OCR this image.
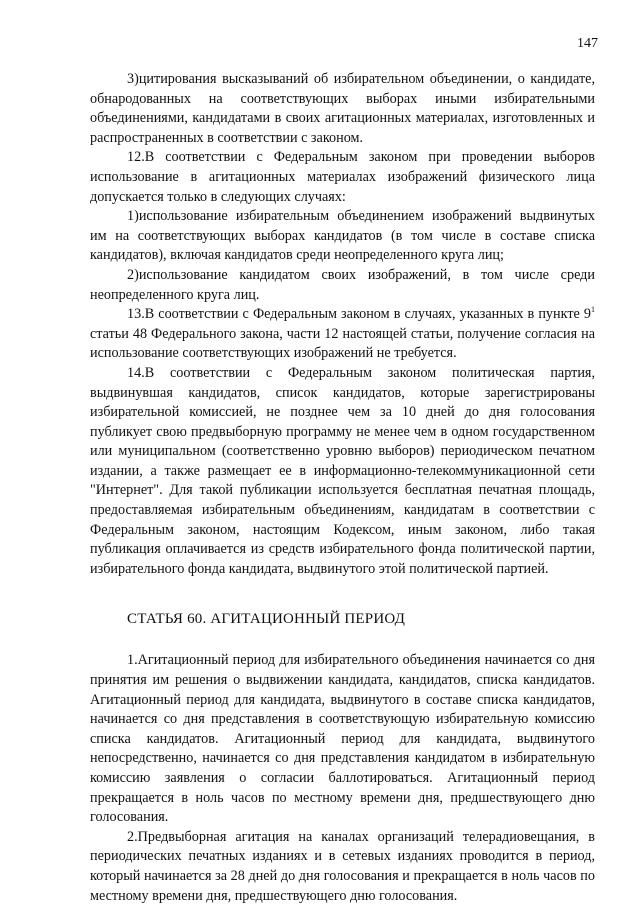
147

3)цитирования высказываний об избирательном объединении, о кандидате, обнародованных на соответствующих выборах иными избирательными объединениями, кандидатами в своих агитационных материалах, изготовленных и распространенных в соответствии с законом.

12.В соответствии с Федеральным законом при проведении выборов использование в агитационных материалах изображений физического лица допускается только в следующих случаях:

1)использование избирательным объединением изображений выдвинутых им на соответствующих выборах кандидатов (в том числе в составе списка кандидатов), включая кандидатов среди неопределенного круга лиц;

2)использование кандидатом своих изображений, в том числе среди неопределенного круга лиц.

13.В соответствии с Федеральным законом в случаях, указанных в пункте $9^1$ статьи 48 Федерального закона, части 12 настоящей статьи, получение согласия на использование соответствующих изображений не требуется.

14.В соответствии с Федеральным законом политическая партия, выдвинувшая кандидатов, список кандидатов, которые зарегистрированы избирательной комиссией, не позднее чем за 10 дней до дня голосования публикует свою предвыборную программу не менее чем в одном государственном или муниципальном (соответственно уровню выборов) периодическом печатном издании, а также размещает ее в информационно-телекоммуникационной сети "Интернет". Для такой публикации используется бесплатная печатная площадь, предоставляемая избирательным объединениям, кандидатам в соответствии с Федеральным законом, настоящим Кодексом, иным законом, либо такая публикация оплачивается из средств избирательного фонда политической партии, избирательного фонда кандидата, выдвинутого этой политической партией.

СТАТЬЯ 60. АГИТАЦИОННЫЙ ПЕРИОД

1.Агитационный период для избирательного объединения начинается со дня принятия им решения о выдвижении кандидата, кандидатов, списка кандидатов. Агитационный период для кандидата, выдвинутого в составе списка кандидатов, начинается со дня представления в соответствующую избирательную комиссию списка кандидатов. Агитационный период для кандидата, выдвинутого непосредственно, начинается со дня представления кандидатом в избирательную комиссию заявления о согласии баллотироваться. Агитационный период прекращается в ноль часов по местному времени дня, предшествующего дню голосования.

2.Предвыборная агитация на каналах организаций телерадиовещания, в периодических печатных изданиях и в сетевых изданиях проводится в период, который начинается за 28 дней до дня голосования и прекращается в ноль часов по местному времени дня, предшествующего дню голосования.
